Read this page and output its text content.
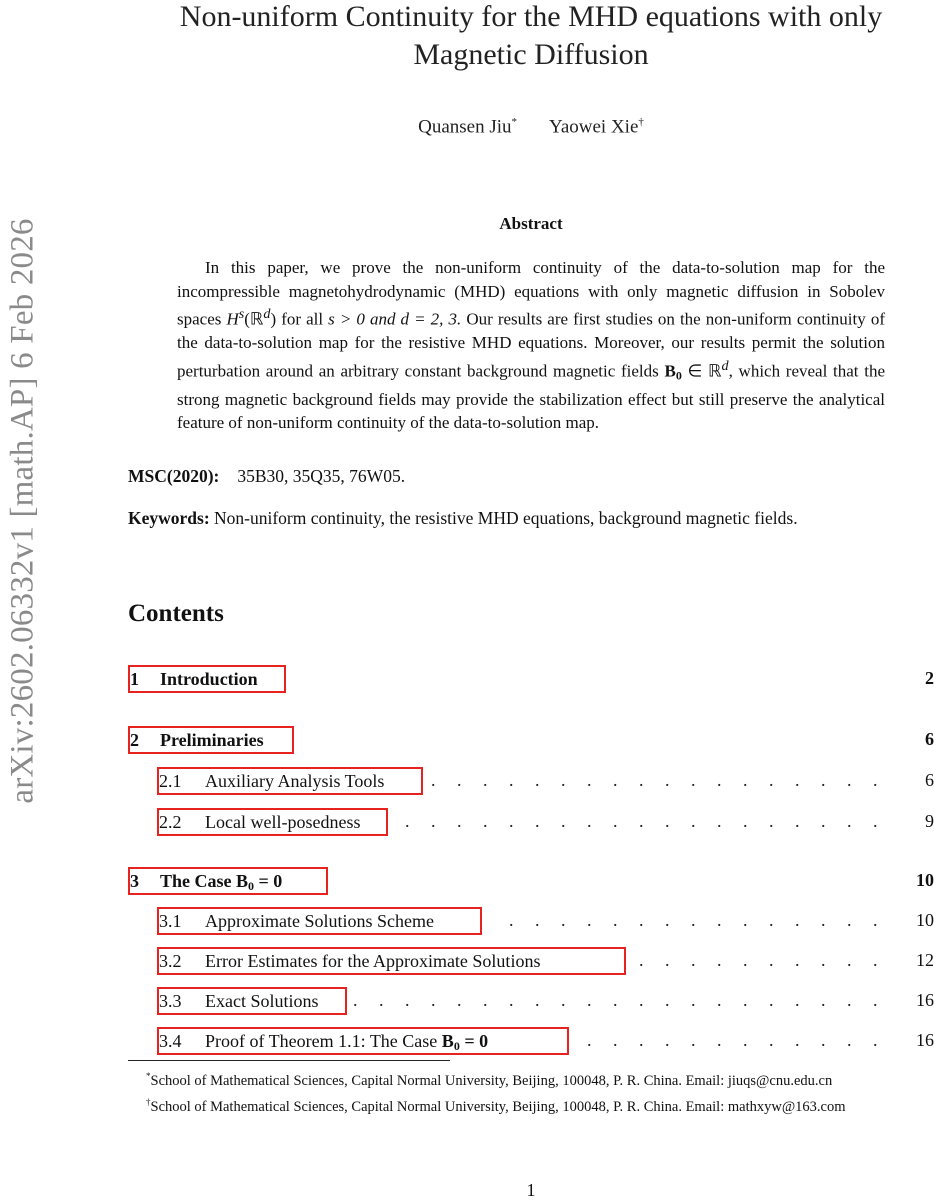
arXiv:2602.06332v1 [math.AP] 6 Feb 2026
Non-uniform Continuity for the MHD equations with only
Magnetic Diffusion
Quansen Jiu* Yaowei Xie†
Abstract
In this paper, we prove the non-uniform continuity of the data-to-solution map for the incompressible magnetohydrodynamic (MHD) equations with only magnetic diffusion in Sobolev spaces $H^s(ℝ^d)$ for all s > 0 and d = 2, 3. Our results are first studies on the non-uniform continuity of the data-to-solution map for the resistive MHD equations. Moreover, our results permit the solution perturbation around an arbitrary constant background magnetic fields $B_0$ ∈ ℝ$^d$, which reveal that the strong magnetic background fields may provide the stabilization effect but still preserve the analytical feature of non-uniform continuity of the data-to-solution map.
MSC(2020): 35B30, 35Q35, 76W05.
Keywords: Non-uniform continuity, the resistive MHD equations, background magnetic fields.
Contents
1 Introduction	2
2 Preliminaries	6
2.1 Auxiliary Analysis Tools	. . . . . . . . . . . . . . . . . . 6
2.2 Local well-posedness	. . . . . . . . . . . . . . . . . . . 9
3 The Case $B_0 = 0$	10
3.1 Approximate Solutions Scheme	. . . . . . . . . . . . . . . 10
3.2 Error Estimates for the Approximate Solutions	. . . . . . . . . . 12
3.3 Exact Solutions	. . . . . . . . . . . . . . . . . . . . . 16
3.4 Proof of Theorem 1.1: The Case $B_0 = 0$	. . . . . . . . . . . . 16

*School of Mathematical Sciences, Capital Normal University, Beijing, 100048, P. R. China. Email: jiuqs@cnu.edu.cn

†School of Mathematical Sciences, Capital Normal University, Beijing, 100048, P. R. China. Email: mathxyw@163.com

1
